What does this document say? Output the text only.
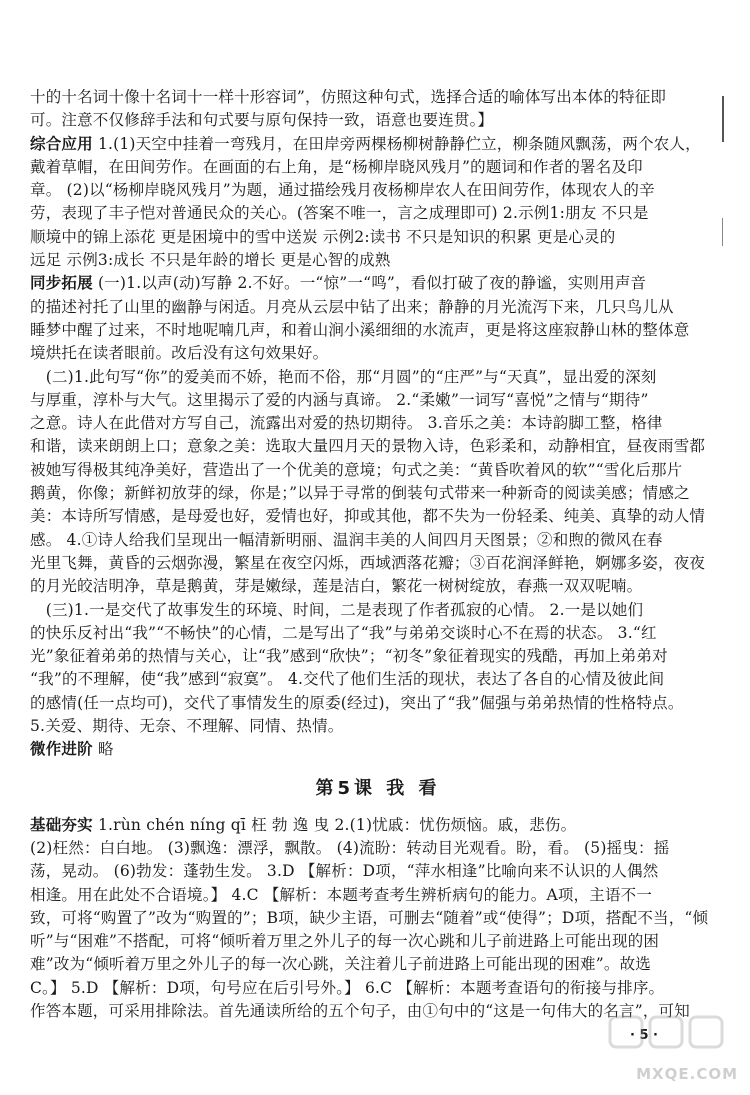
十的十名词十像十名词十一样十形容词”，仿照这种句式，选择合适的喻体写出本体的特征即
可。注意不仅修辞手法和句式要与原句保持一致，语意也要连贯。】
综合应用 1.(1)天空中挂着一弯残月，在田岸旁两棵杨柳树静静伫立，柳条随风飘荡，两个农人，
戴着草帽，在田间劳作。在画面的右上角，是“杨柳岸晓风残月”的题词和作者的署名及印
章。 (2)以“杨柳岸晓风残月”为题，通过描绘残月夜杨柳岸农人在田间劳作，体现农人的辛
劳，表现了丰子恺对普通民众的关心。(答案不唯一，言之成理即可) 2.示例1:朋友 不只是
顺境中的锦上添花 更是困境中的雪中送炭 示例2:读书 不只是知识的积累 更是心灵的
远足 示例3:成长 不只是年龄的增长 更是心智的成熟
同步拓展 (一)1.以声(动)写静 2.不好。一“惊”一“鸣”，看似打破了夜的静谧，实则用声音
的描述衬托了山里的幽静与闲适。月亮从云层中钻了出来；静静的月光流泻下来，几只鸟儿从
睡梦中醒了过来，不时地呢喃几声，和着山涧小溪细细的水流声，更是将这座寂静山林的整体意
境烘托在读者眼前。改后没有这句效果好。
　(二)1.此句写“你”的爱美而不娇，艳而不俗，那“月圆”的“庄严”与“天真”，显出爱的深刻
与厚重，淳朴与大气。这里揭示了爱的内涵与真谛。 2.“柔嫩”一词写“喜悦”之情与“期待”
之意。诗人在此借对方写自己，流露出对爱的热切期待。 3.音乐之美：本诗韵脚工整，格律
和谐，读来朗朗上口；意象之美：选取大量四月天的景物入诗，色彩柔和，动静相宜，昼夜雨雪都
被她写得极其纯净美好，营造出了一个优美的意境；句式之美：“黄昏吹着风的软”“雪化后那片
鹅黄，你像；新鲜初放芽的绿，你是；”以异于寻常的倒装句式带来一种新奇的阅读美感；情感之
美：本诗所写情感，是母爱也好，爱情也好，抑或其他，都不失为一份轻柔、纯美、真挚的动人情
感。 4.①诗人给我们呈现出一幅清新明丽、温润丰美的人间四月天图景；②和煦的微风在春
光里飞舞，黄昏的云烟弥漫，繁星在夜空闪烁，西域洒落花瓣；③百花润泽鲜艳，婀娜多姿，夜夜
的月光皎洁明净，草是鹅黄，芽是嫩绿，莲是洁白，繁花一树树绽放，春燕一双双呢喃。
　(三)1.一是交代了故事发生的环境、时间，二是表现了作者孤寂的心情。 2.一是以她们
的快乐反衬出“我”“不畅快”的心情，二是写出了“我”与弟弟交谈时心不在焉的状态。 3.“红
光”象征着弟弟的热情与关心，让“我”感到“欣快”；“初冬”象征着现实的残酷，再加上弟弟对
“我”的不理解，使“我”感到“寂寞”。 4.交代了他们生活的现状，表达了各自的心情及彼此间
的感情(任一点均可)，交代了事情发生的原委(经过)，突出了“我”倔强与弟弟热情的性格特点。
5.关爱、期待、无奈、不理解、同情、热情。
微作进阶 略
第5课 我 看
基础夯实 1.rùn chén níng qī 枉 勃 逸 曳 2.(1)忧戚：忧伤烦恼。戚，悲伤。
(2)枉然：白白地。 (3)飘逸：漂浮，飘散。 (4)流盼：转动目光观看。盼，看。 (5)摇曳：摇
荡，晃动。 (6)勃发：蓬勃生发。 3.D 【解析：D项，“萍水相逢”比喻向来不认识的人偶然
相逢。用在此处不合语境。】 4.C 【解析：本题考查考生辨析病句的能力。A项，主语不一
致，可将“购置了”改为“购置的”；B项，缺少主语，可删去“随着”或“使得”；D项，搭配不当，“倾
听”与“困难”不搭配，可将“倾听着万里之外儿子的每一次心跳和儿子前进路上可能出现的困
难”改为“倾听着万里之外儿子的每一次心跳，关注着儿子前进路上可能出现的困难”。故选
C。】 5.D 【解析：D项，句号应在后引号外。】 6.C 【解析：本题考查语句的衔接与排序。
作答本题，可采用排除法。首先通读所给的五个句子，由①句中的“这是一句伟大的名言”，可知
· 5 ·
MXQE.COM
